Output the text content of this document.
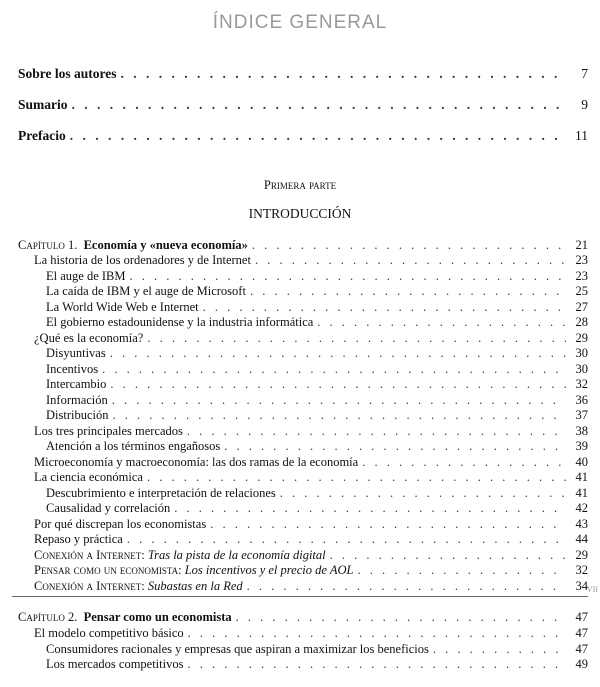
ÍNDICE GENERAL
Sobre los autores . . .	7
Sumario . . .	9
Prefacio . . .	11
Primera parte
INTRODUCCIÓN
Capítulo 1. Economía y «nueva economía» . . .	21
La historia de los ordenadores y de Internet . . .	23
El auge de IBM . . .	23
La caída de IBM y el auge de Microsoft . . .	25
La World Wide Web e Internet . . .	27
El gobierno estadounidense y la industria informática . . .	28
¿Qué es la economía? . . .	29
Disyuntivas . . .	30
Incentivos . . .	30
Intercambio . . .	32
Información . . .	36
Distribución . . .	37
Los tres principales mercados . . .	38
Atención a los términos engañosos . . .	39
Microeconomía y macroeconomía: las dos ramas de la economía . . .	40
La ciencia económica . . .	41
Descubrimiento e interpretación de relaciones . . .	41
Causalidad y correlación . . .	42
Por qué discrepan los economistas . . .	43
Repaso y práctica . . .	44
Conexión a Internet: Tras la pista de la economía digital . . .	29
Pensar como un economista: Los incentivos y el precio de AOL . . .	32
Conexión a Internet: Subastas en la Red . . .	34
Capítulo 2. Pensar como un economista . . .	47
El modelo competitivo básico . . .	47
Consumidores racionales y empresas que aspiran a maximizar los beneficios . . .	47
Los mercados competitivos . . .	49
VII
